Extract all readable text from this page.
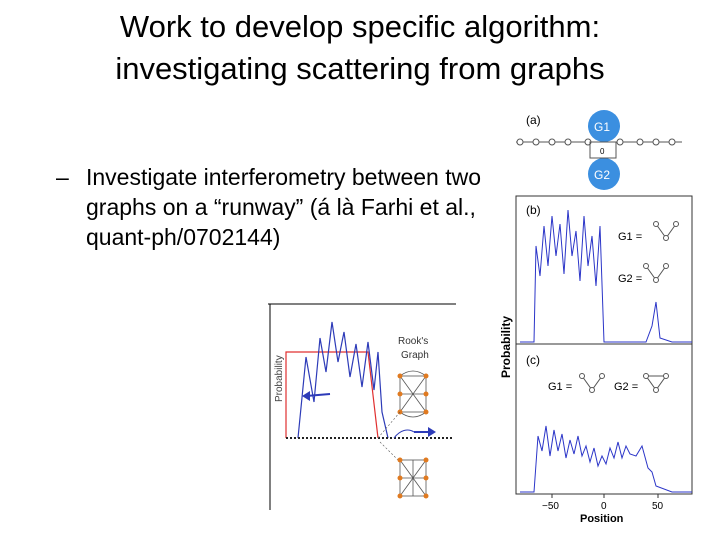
Work to develop specific algorithm:
investigating scattering from graphs
– Investigate interferometry between two graphs on a “runway” (á là Farhi et al., quant-ph/0702144)
Probability
Rook's
Graph
(a)	G1
G2
0
(b)
G1 =
G2 =
Probability (c)
G1 =	G2 =
−50	0	50
Position
